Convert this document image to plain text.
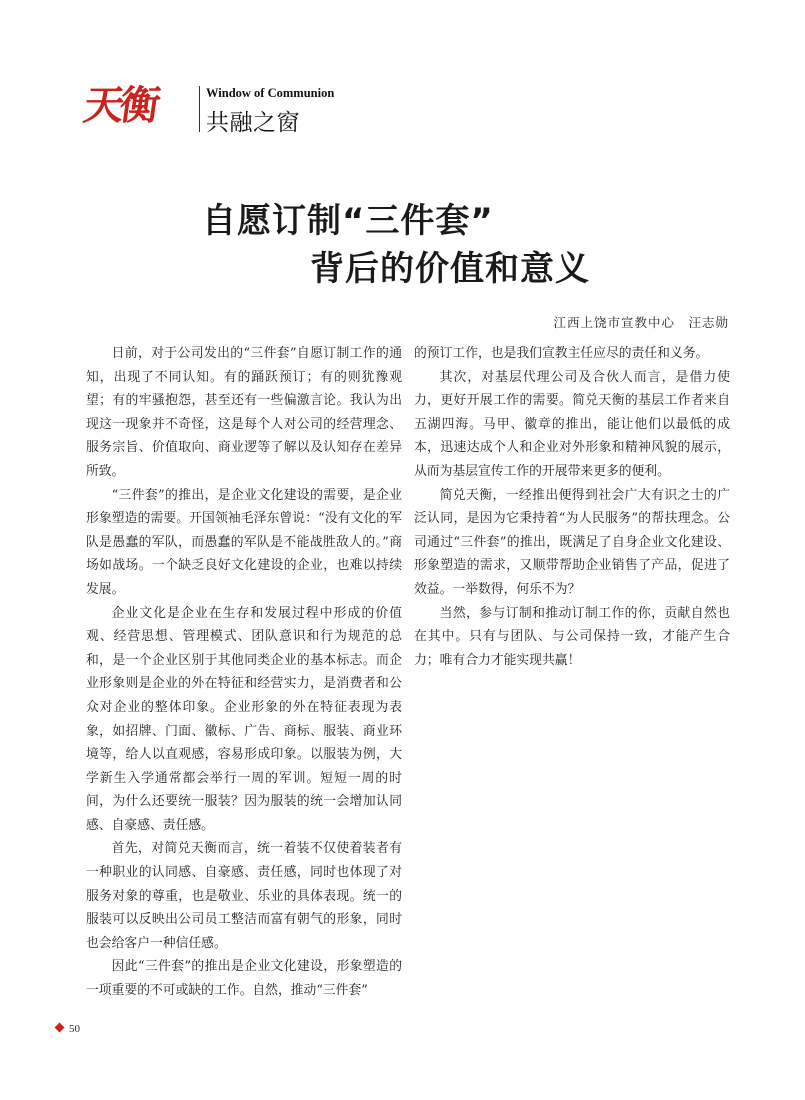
天衡	Window of Communion
共融之窗
自愿订制“三件套”
背后的价值和意义
江西上饶市宣教中心　汪志勋

日前，对于公司发出的“三件套”自愿订制工作的通知，出现了不同认知。有的踊跃预订；有的则犹豫观望；有的牢骚抱怨，甚至还有一些偏激言论。我认为出现这一现象并不奇怪，这是每个人对公司的经营理念、服务宗旨、价值取向、商业逻等了解以及认知存在差异所致。

“三件套”的推出，是企业文化建设的需要，是企业形象塑造的需要。开国领袖毛泽东曾说：“没有文化的军队是愚蠢的军队，而愚蠢的军队是不能战胜敌人的。”商场如战场。一个缺乏良好文化建设的企业，也难以持续发展。

企业文化是企业在生存和发展过程中形成的价值观、经营思想、管理模式、团队意识和行为规范的总和，是一个企业区别于其他同类企业的基本标志。而企业形象则是企业的外在特征和经营实力，是消费者和公众对企业的整体印象。企业形象的外在特征表现为表象，如招牌、门面、徽标、广告、商标、服装、商业环境等，给人以直观感，容易形成印象。以服装为例，大学新生入学通常都会举行一周的军训。短短一周的时间，为什么还要统一服装？因为服装的统一会增加认同感、自豪感、责任感。

首先，对简兑天衡而言，统一着装不仅使着装者有一种职业的认同感、自豪感、责任感，同时也体现了对服务对象的尊重，也是敬业、乐业的具体表现。统一的服装可以反映出公司员工整洁而富有朝气的形象，同时也会给客户一种信任感。

因此“三件套”的推出是企业文化建设，形象塑造的一项重要的不可或缺的工作。自然，推动“三件套”

的预订工作，也是我们宣教主任应尽的责任和义务。

其次，对基层代理公司及合伙人而言，是借力使力，更好开展工作的需要。简兑天衡的基层工作者来自五湖四海。马甲、徽章的推出，能让他们以最低的成本，迅速达成个人和企业对外形象和精神风貌的展示，从而为基层宣传工作的开展带来更多的便利。

简兑天衡，一经推出便得到社会广大有识之士的广泛认同，是因为它秉持着“为人民服务”的帮扶理念。公司通过“三件套”的推出，既满足了自身企业文化建设、形象塑造的需求，又顺带帮助企业销售了产品，促进了效益。一举数得，何乐不为？

当然，参与订制和推动订制工作的你，贡献自然也在其中。只有与团队、与公司保持一致，才能产生合力；唯有合力才能实现共赢！

50
